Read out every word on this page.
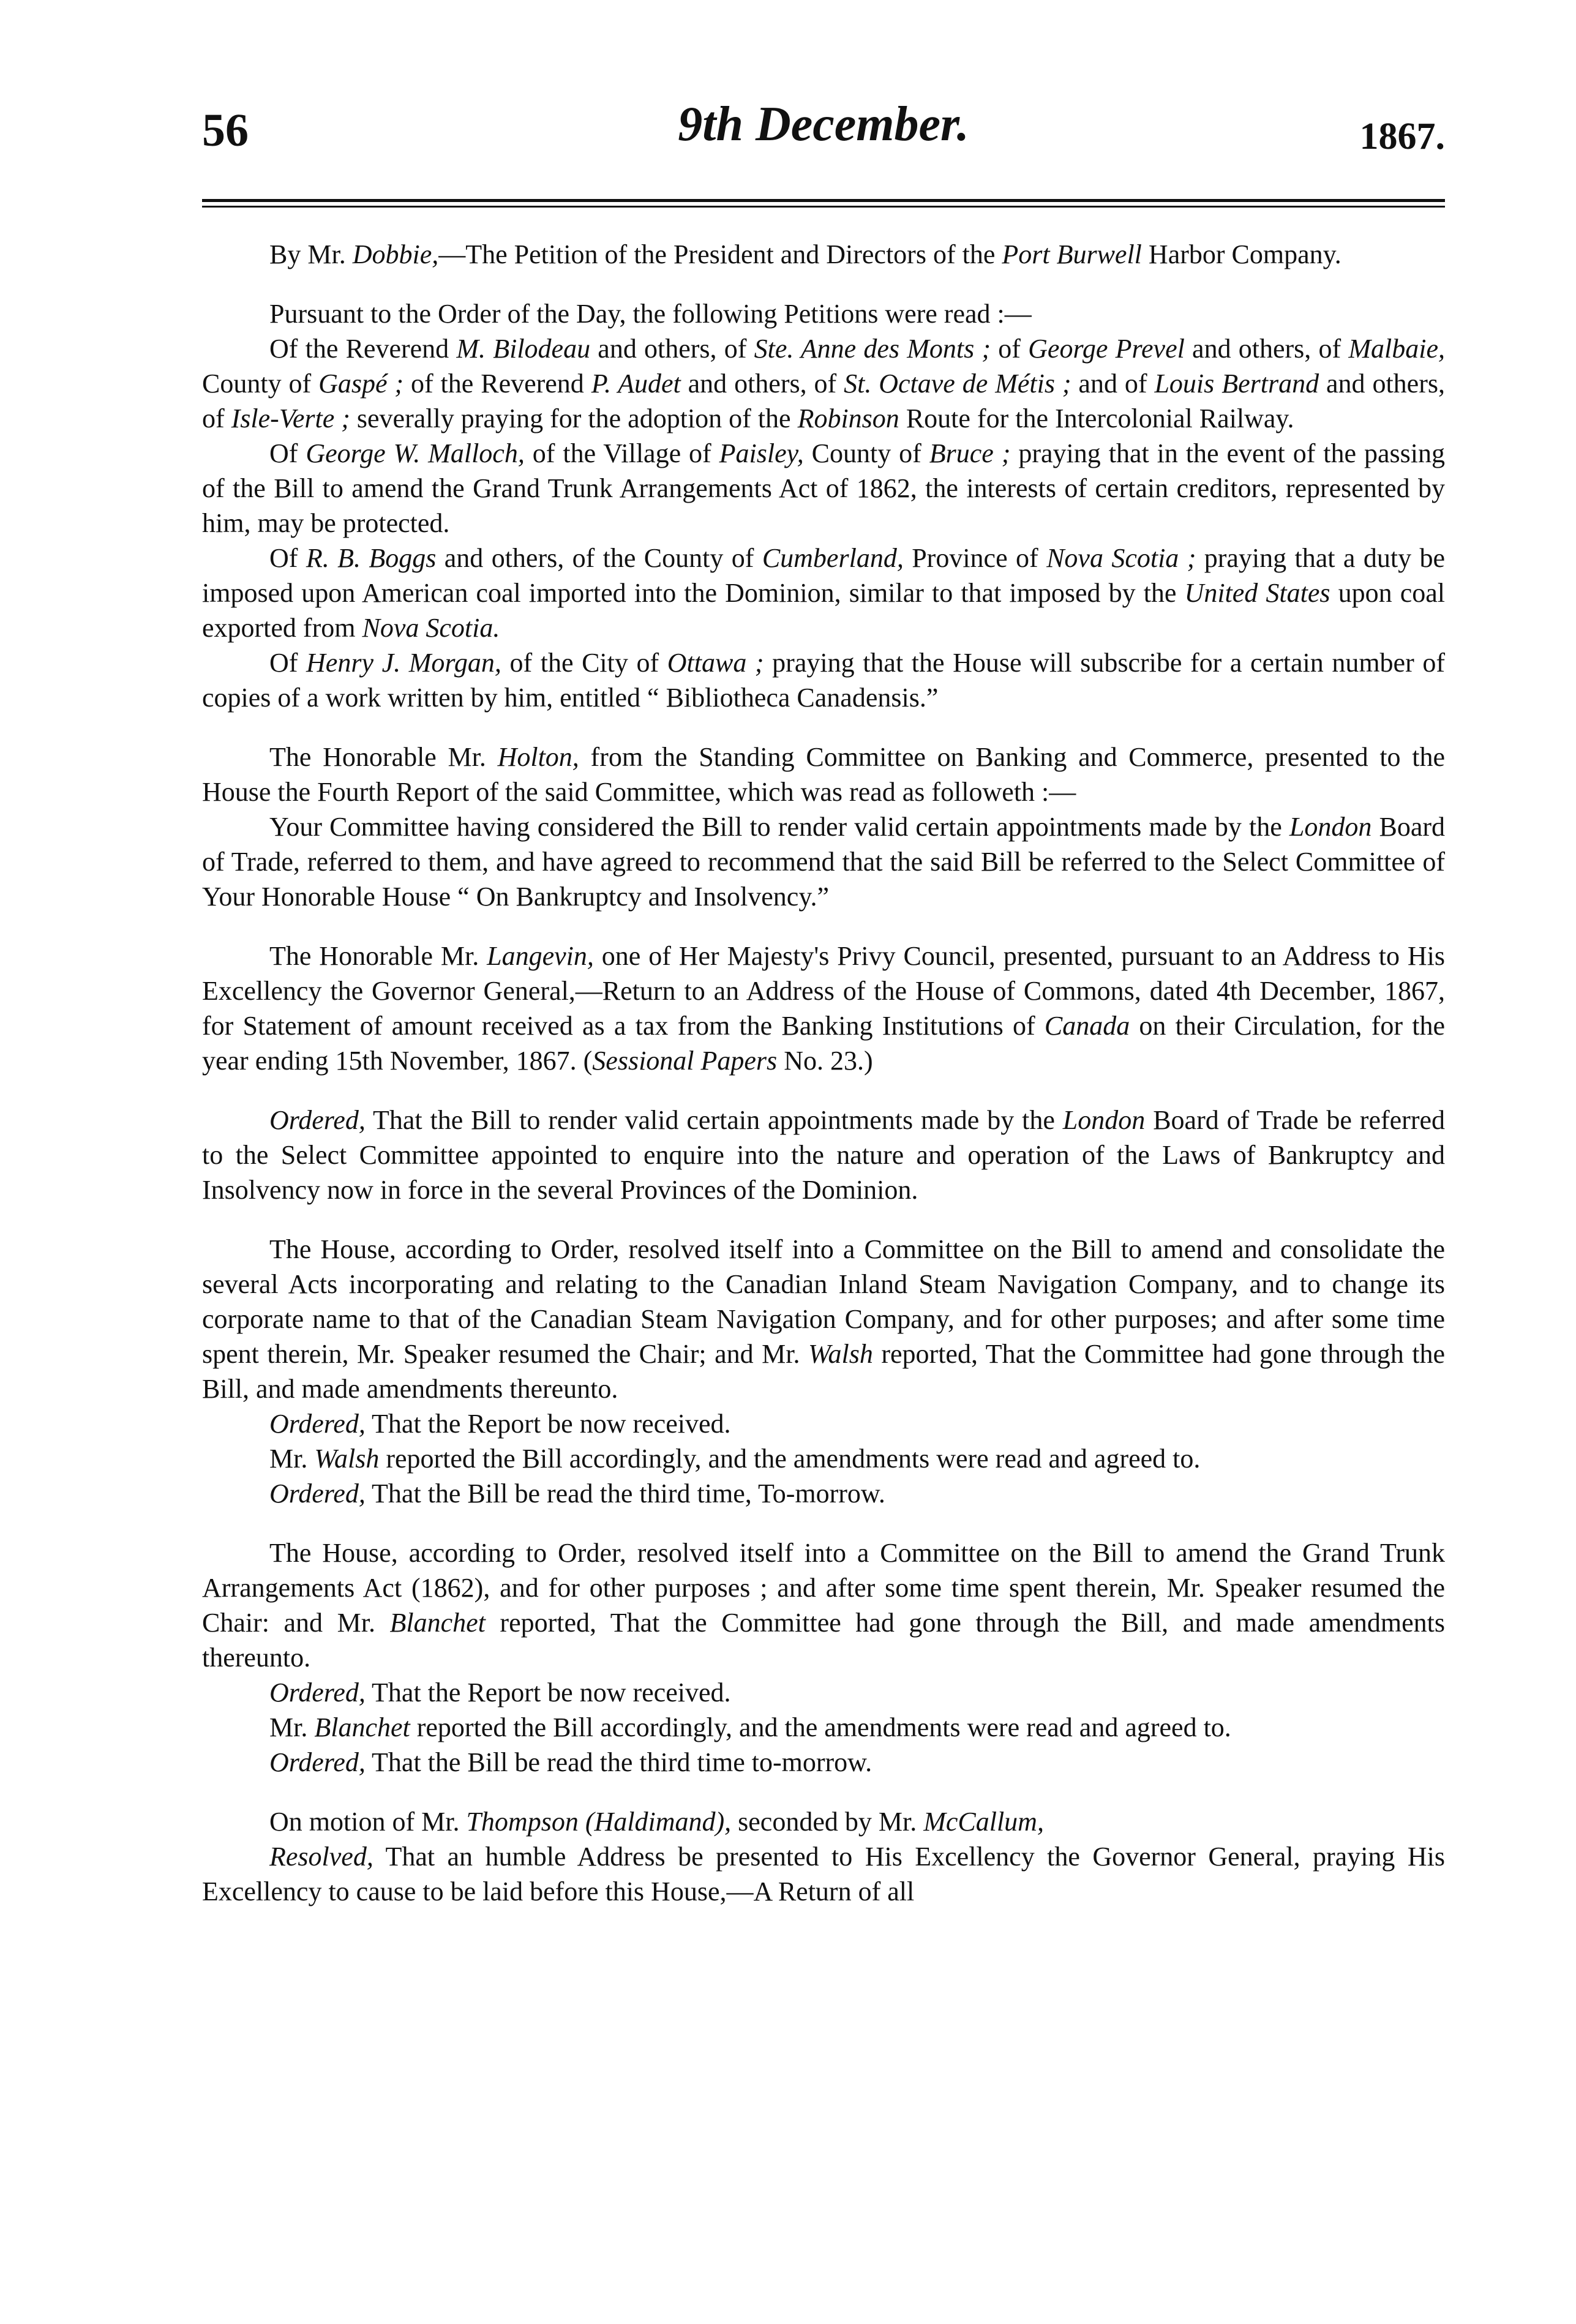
56	9th December.	1867.

By Mr. Dobbie,—The Petition of the President and Directors of the Port Burwell Harbor Company.

Pursuant to the Order of the Day, the following Petitions were read :—

Of the Reverend M. Bilodeau and others, of Ste. Anne des Monts ; of George Prevel and others, of Malbaie, County of Gaspé ; of the Reverend P. Audet and others, of St. Octave de Métis ; and of Louis Bertrand and others, of Isle-Verte ; severally praying for the adoption of the Robinson Route for the Intercolonial Railway.

Of George W. Malloch, of the Village of Paisley, County of Bruce ; praying that in the event of the passing of the Bill to amend the Grand Trunk Arrangements Act of 1862, the interests of certain creditors, represented by him, may be protected.

Of R. B. Boggs and others, of the County of Cumberland, Province of Nova Scotia ; praying that a duty be imposed upon American coal imported into the Dominion, similar to that imposed by the United States upon coal exported from Nova Scotia.

Of Henry J. Morgan, of the City of Ottawa ; praying that the House will subscribe for a certain number of copies of a work written by him, entitled “ Bibliotheca Canadensis.”

The Honorable Mr. Holton, from the Standing Committee on Banking and Commerce, presented to the House the Fourth Report of the said Committee, which was read as followeth :—

Your Committee having considered the Bill to render valid certain appointments made by the London Board of Trade, referred to them, and have agreed to recommend that the said Bill be referred to the Select Committee of Your Honorable House “ On Bankruptcy and Insolvency.”

The Honorable Mr. Langevin, one of Her Majesty's Privy Council, presented, pursuant to an Address to His Excellency the Governor General,—Return to an Address of the House of Commons, dated 4th December, 1867, for Statement of amount received as a tax from the Banking Institutions of Canada on their Circulation, for the year ending 15th November, 1867. (Sessional Papers No. 23.)

Ordered, That the Bill to render valid certain appointments made by the London Board of Trade be referred to the Select Committee appointed to enquire into the nature and operation of the Laws of Bankruptcy and Insolvency now in force in the several Provinces of the Dominion.

The House, according to Order, resolved itself into a Committee on the Bill to amend and consolidate the several Acts incorporating and relating to the Canadian Inland Steam Navigation Company, and to change its corporate name to that of the Canadian Steam Navigation Company, and for other purposes; and after some time spent therein, Mr. Speaker resumed the Chair; and Mr. Walsh reported, That the Committee had gone through the Bill, and made amendments thereunto.

Ordered, That the Report be now received.

Mr. Walsh reported the Bill accordingly, and the amendments were read and agreed to.

Ordered, That the Bill be read the third time, To-morrow.

The House, according to Order, resolved itself into a Committee on the Bill to amend the Grand Trunk Arrangements Act (1862), and for other purposes ; and after some time spent therein, Mr. Speaker resumed the Chair: and Mr. Blanchet reported, That the Committee had gone through the Bill, and made amendments thereunto.

Ordered, That the Report be now received.

Mr. Blanchet reported the Bill accordingly, and the amendments were read and agreed to.

Ordered, That the Bill be read the third time to-morrow.

On motion of Mr. Thompson (Haldimand), seconded by Mr. McCallum,

Resolved, That an humble Address be presented to His Excellency the Governor General, praying His Excellency to cause to be laid before this House,—A Return of all
